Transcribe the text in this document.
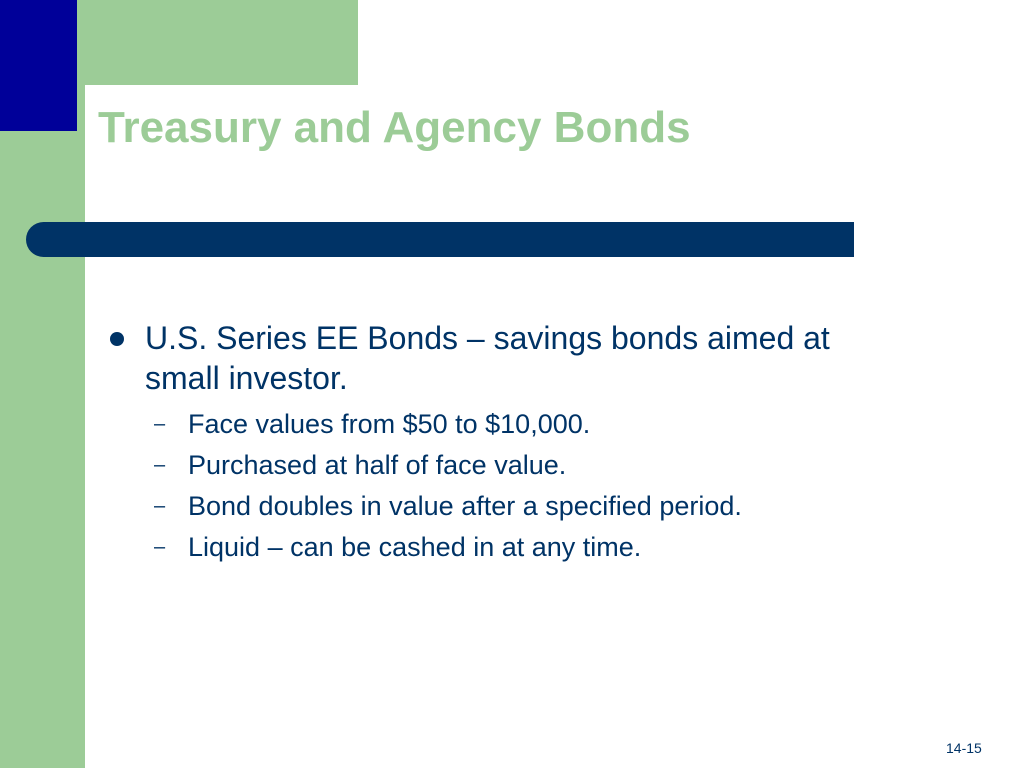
Treasury and Agency Bonds
U.S. Series EE Bonds – savings bonds aimed at small investor.
– Face values from $50 to $10,000.
– Purchased at half of face value.
– Bond doubles in value after a specified period.
– Liquid – can be cashed in at any time.
14-15
